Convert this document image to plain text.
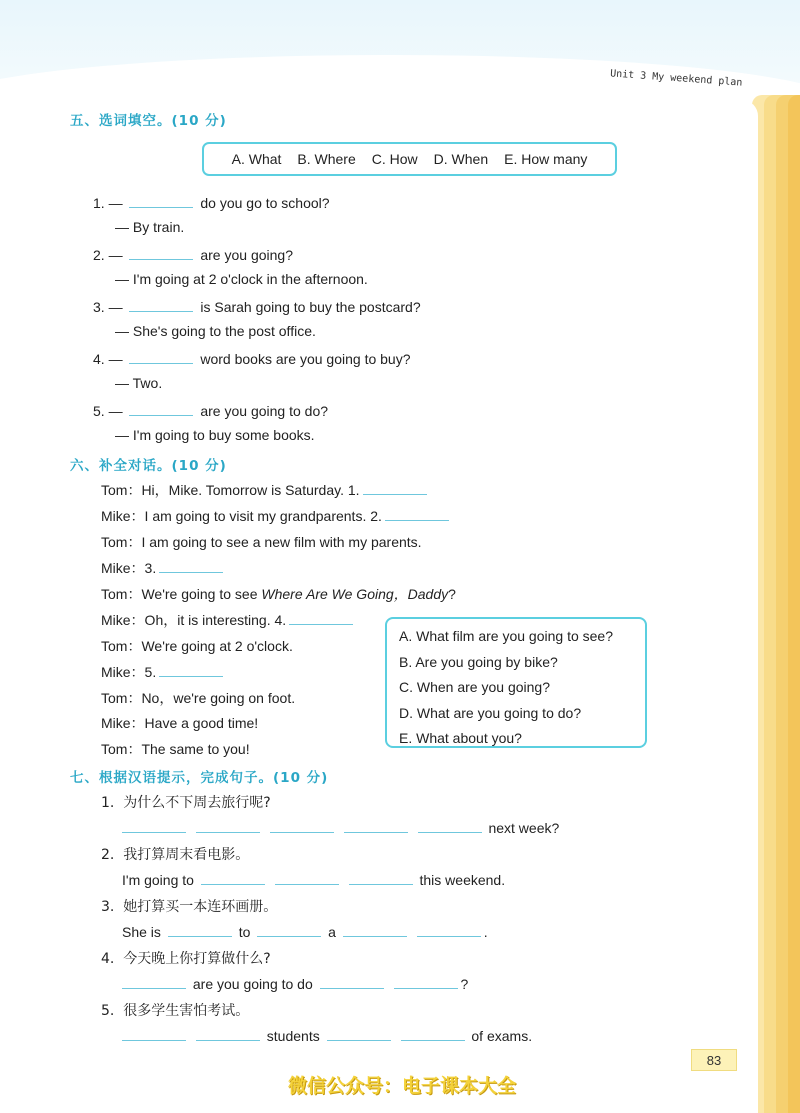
Unit 3 My weekend plan
五、选词填空。(10 分)
A. What B. Where C. How D. When E. How many
1. —	do you go to school?
— By train.
2. —	are you going?
— I'm going at 2 o'clock in the afternoon.
3. —	is Sarah going to buy the postcard?
— She's going to the post office.
4. —	word books are you going to buy?
— Two.
5. —	are you going to do?
— I'm going to buy some books.
六、补全对话。(10 分)
Tom：Hi，Mike. Tomorrow is Saturday. 1.
Mike：I am going to visit my grandparents. 2.
Tom：I am going to see a new film with my parents.
Mike：3.
Tom：We're going to see Where Are We Going，Daddy?
Mike：Oh，it is interesting. 4.
Tom：We're going at 2 o'clock.
Mike：5.
Tom：No，we're going on foot.
Mike：Have a good time!
Tom：The same to you!
A. What film are you going to see?
B. Are you going by bike?
C. When are you going?
D. What are you going to do?
E. What about you?
七、根据汉语提示，完成句子。(10 分)
1. 为什么不下周去旅行呢?
next week?
2. 我打算周末看电影。
I'm going to	this weekend.
3. 她打算买一本连环画册。
She is	to	a	.
4. 今天晚上你打算做什么?
are you going to do	?
5. 很多学生害怕考试。
students	of exams.
83
微信公众号：电子课本大全
